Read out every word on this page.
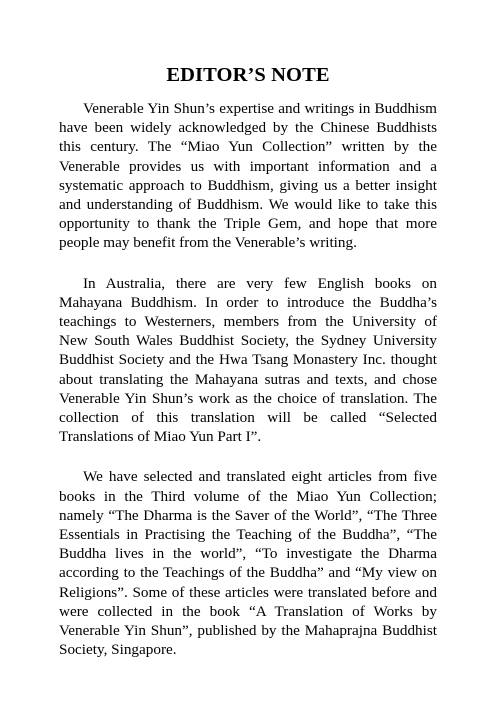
EDITOR’S NOTE

Venerable Yin Shun’s expertise and writings in Buddhism have been widely acknowledged by the Chinese Buddhists this century. The “Miao Yun Collection” written by the Venerable provides us with important information and a systematic approach to Buddhism, giving us a better insight and understanding of Buddhism. We would like to take this opportunity to thank the Triple Gem, and hope that more people may benefit from the Venerable’s writing.

In Australia, there are very few English books on Mahayana Buddhism. In order to introduce the Buddha’s teachings to Westerners, members from the University of New South Wales Buddhist Society, the Sydney University Buddhist Society and the Hwa Tsang Monastery Inc. thought about translating the Mahayana sutras and texts, and chose Venerable Yin Shun’s work as the choice of translation. The collection of this translation will be called “Selected Translations of Miao Yun Part I”.

We have selected and translated eight articles from five books in the Third volume of the Miao Yun Collection; namely “The Dharma is the Saver of the World”, “The Three Essentials in Practising the Teaching of the Buddha”, “The Buddha lives in the world”, “To investigate the Dharma according to the Teachings of the Buddha” and “My view on Religions”. Some of these articles were translated before and were collected in the book “A Translation of Works by Venerable Yin Shun”, published by the Mahaprajna Buddhist Society, Singapore.
